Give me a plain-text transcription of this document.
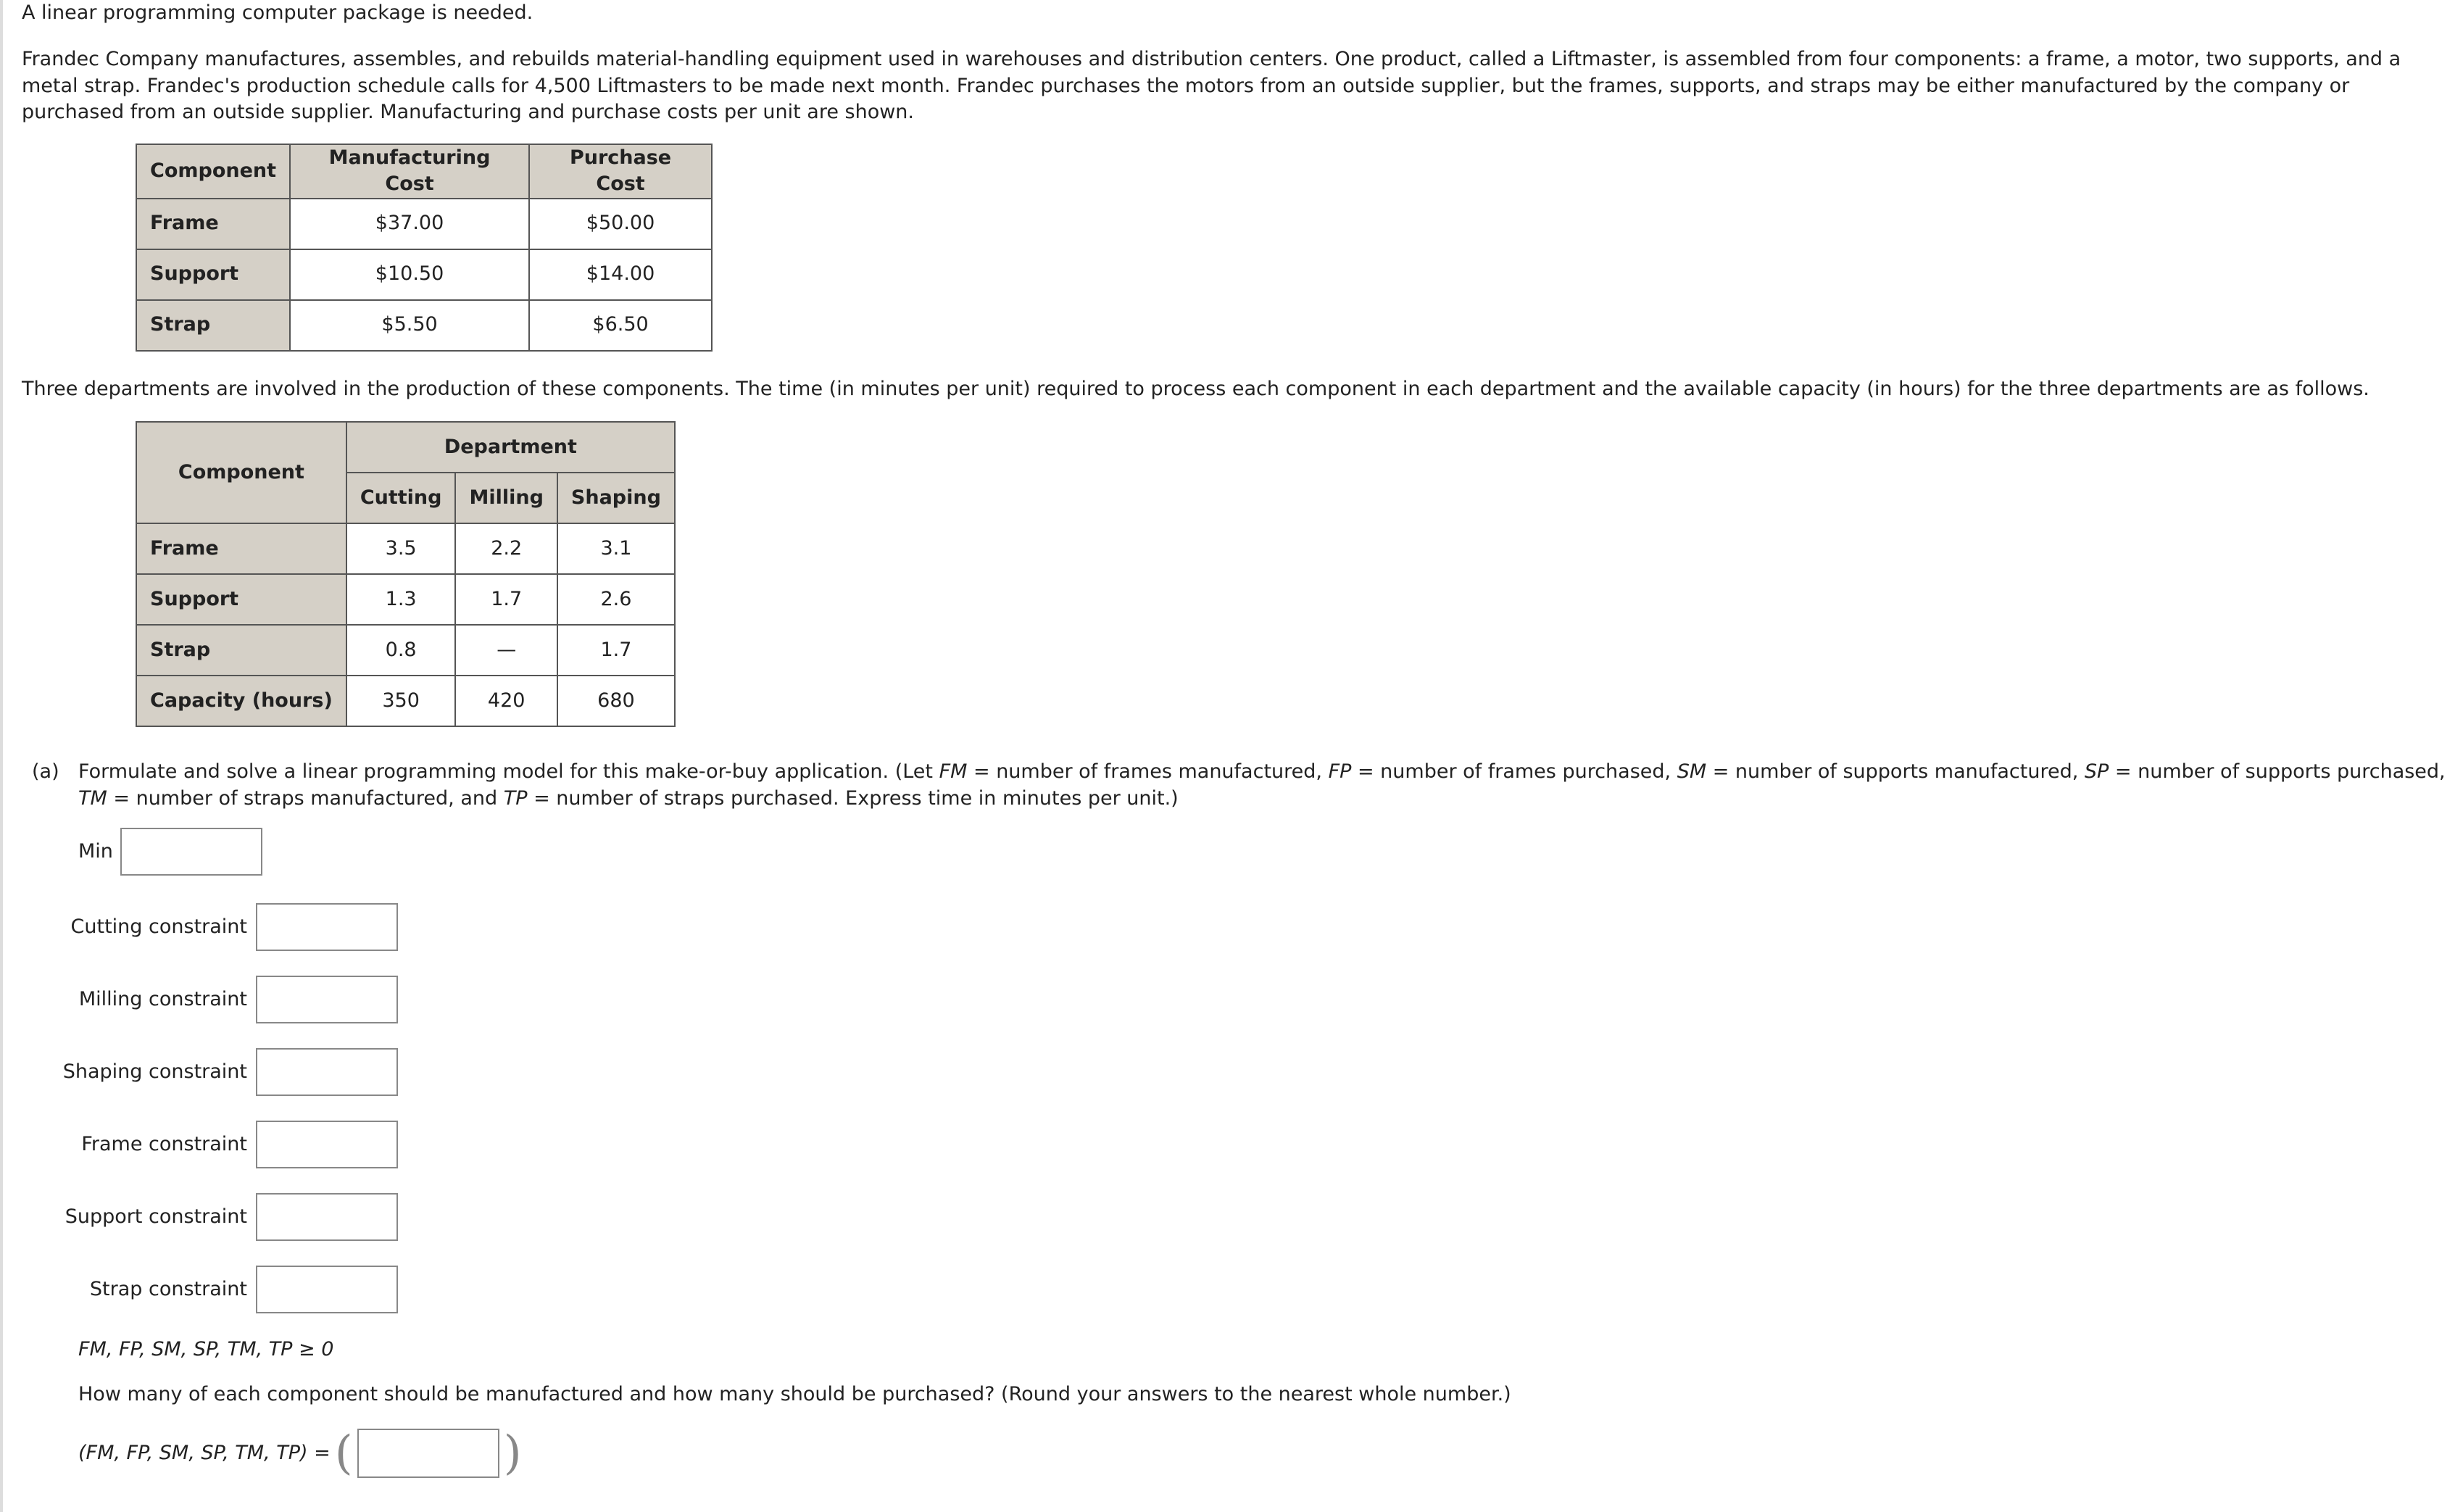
A linear programming computer package is needed.

Frandec Company manufactures, assembles, and rebuilds material-handling equipment used in warehouses and distribution centers. One product, called a Liftmaster, is assembled from four components: a frame, a motor, two supports, and a metal strap. Frandec's production schedule calls for 4,500 Liftmasters to be made next month. Frandec purchases the motors from an outside supplier, but the frames, supports, and straps may be either manufactured by the company or purchased from an outside supplier. Manufacturing and purchase costs per unit are shown.

Component	Manufacturing Cost	Purchase Cost
Frame	$37.00	$50.00
Support	$10.50	$14.00
Strap	$5.50	$6.50

Three departments are involved in the production of these components. The time (in minutes per unit) required to process each component in each department and the available capacity (in hours) for the three departments are as follows.

Component	Department		
	Cutting	Milling	Shaping
Frame	3.5	2.2	3.1
Support	1.3	1.7	2.6
Strap	0.8	—	1.7
Capacity (hours)	350	420	680
(a) Formulate and solve a linear programming model for this make-or-buy application. (Let FM = number of frames manufactured, FP = number of frames purchased, SM = number of supports manufactured, SP = number of supports purchased, TM = number of straps manufactured, and TP = number of straps purchased. Express time in minutes per unit.)
Min
Cutting constraint
Milling constraint
Shaping constraint
Frame constraint
Support constraint
Strap constraint

FM, FP, SM, SP, TM, TP ≥ 0

How many of each component should be manufactured and how many should be purchased? (Round your answers to the nearest whole number.)

(FM, FP, SM, SP, TM, TP) = (	)
